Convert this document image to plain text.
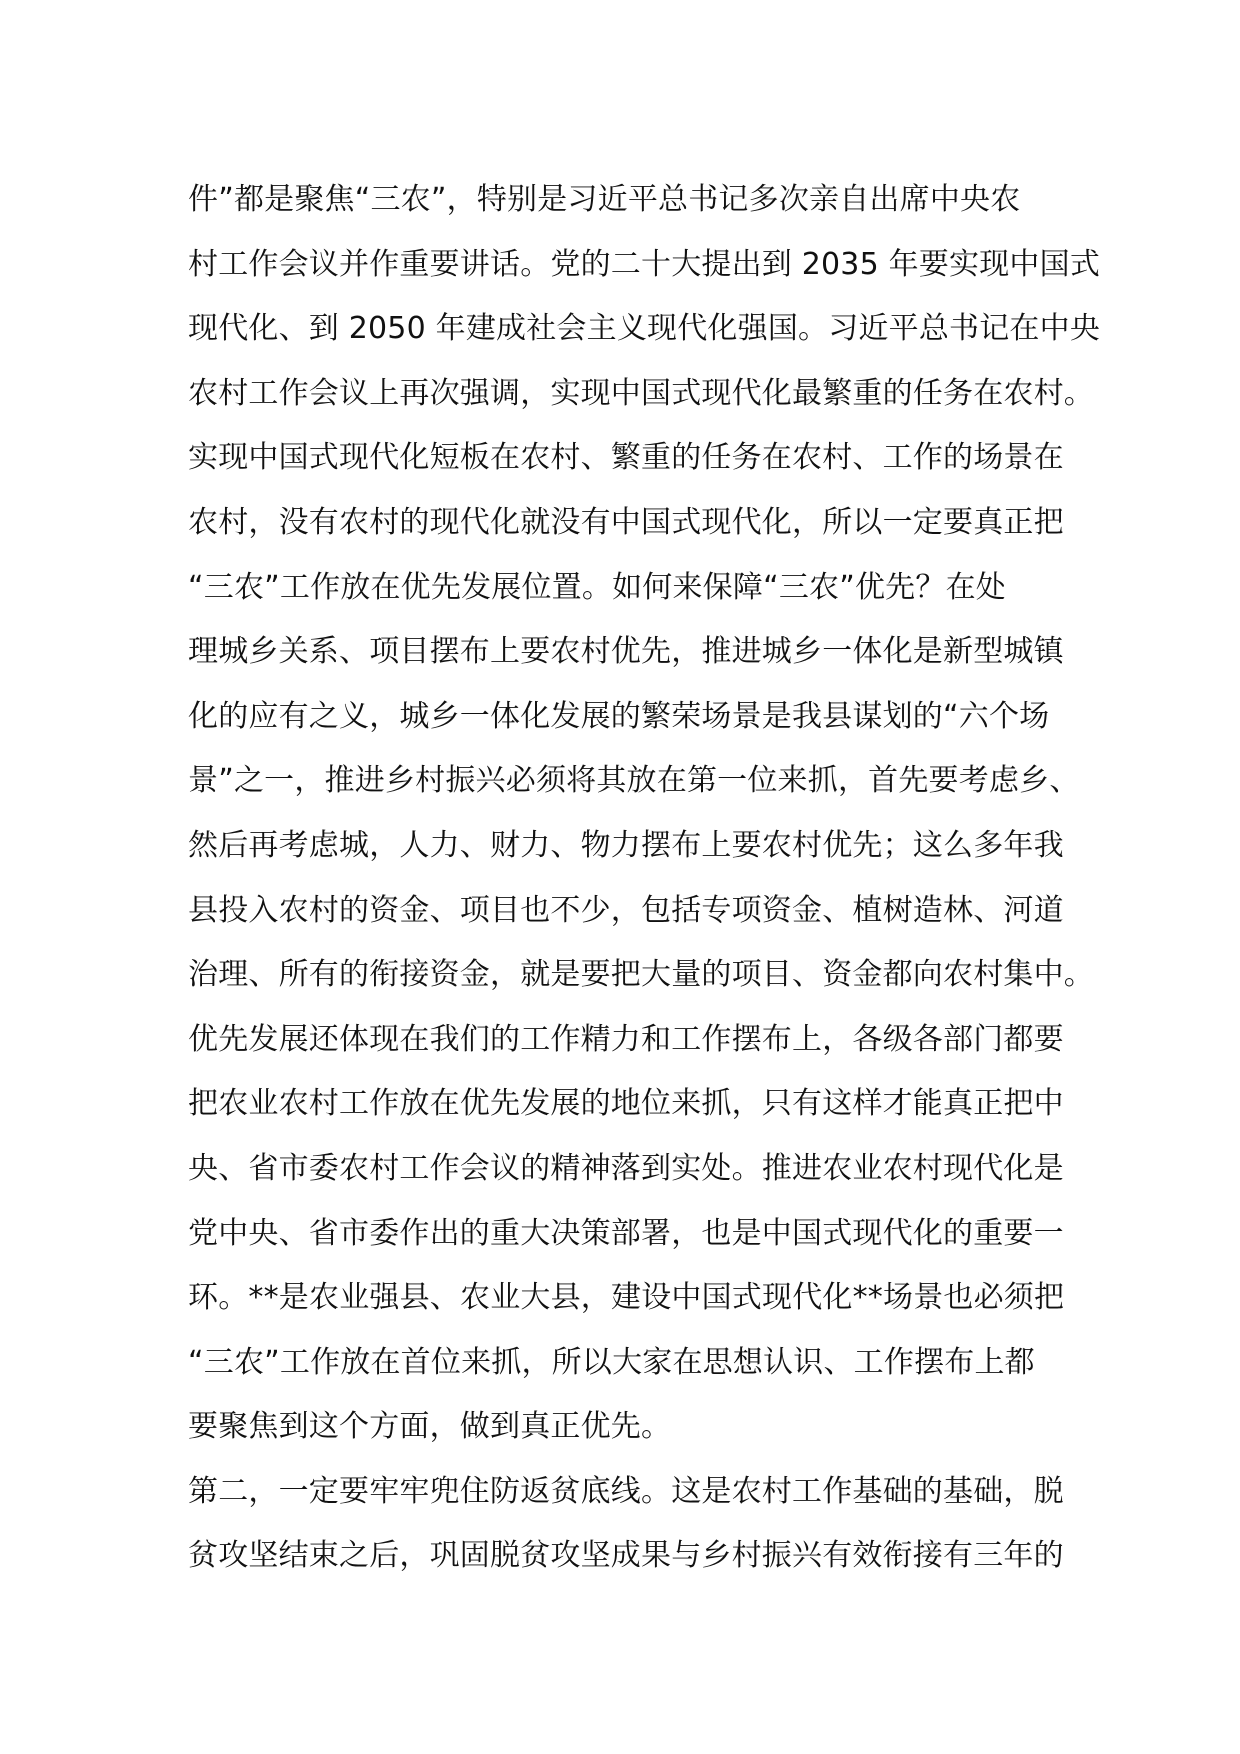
件”都是聚焦“三农”，特别是习近平总书记多次亲自出席中央农
村工作会议并作重要讲话。党的二十大提出到 2035 年要实现中国式
现代化、到 2050 年建成社会主义现代化强国。习近平总书记在中央
农村工作会议上再次强调，实现中国式现代化最繁重的任务在农村。
实现中国式现代化短板在农村、繁重的任务在农村、工作的场景在
农村，没有农村的现代化就没有中国式现代化，所以一定要真正把
“三农”工作放在优先发展位置。如何来保障“三农”优先？在处
理城乡关系、项目摆布上要农村优先，推进城乡一体化是新型城镇
化的应有之义，城乡一体化发展的繁荣场景是我县谋划的“六个场
景”之一，推进乡村振兴必须将其放在第一位来抓，首先要考虑乡、
然后再考虑城，人力、财力、物力摆布上要农村优先；这么多年我
县投入农村的资金、项目也不少，包括专项资金、植树造林、河道
治理、所有的衔接资金，就是要把大量的项目、资金都向农村集中。
优先发展还体现在我们的工作精力和工作摆布上，各级各部门都要
把农业农村工作放在优先发展的地位来抓，只有这样才能真正把中
央、省市委农村工作会议的精神落到实处。推进农业农村现代化是
党中央、省市委作出的重大决策部署，也是中国式现代化的重要一
环。**是农业强县、农业大县，建设中国式现代化**场景也必须把
“三农”工作放在首位来抓，所以大家在思想认识、工作摆布上都
要聚焦到这个方面，做到真正优先。
第二，一定要牢牢兜住防返贫底线。这是农村工作基础的基础，脱
贫攻坚结束之后，巩固脱贫攻坚成果与乡村振兴有效衔接有三年的
